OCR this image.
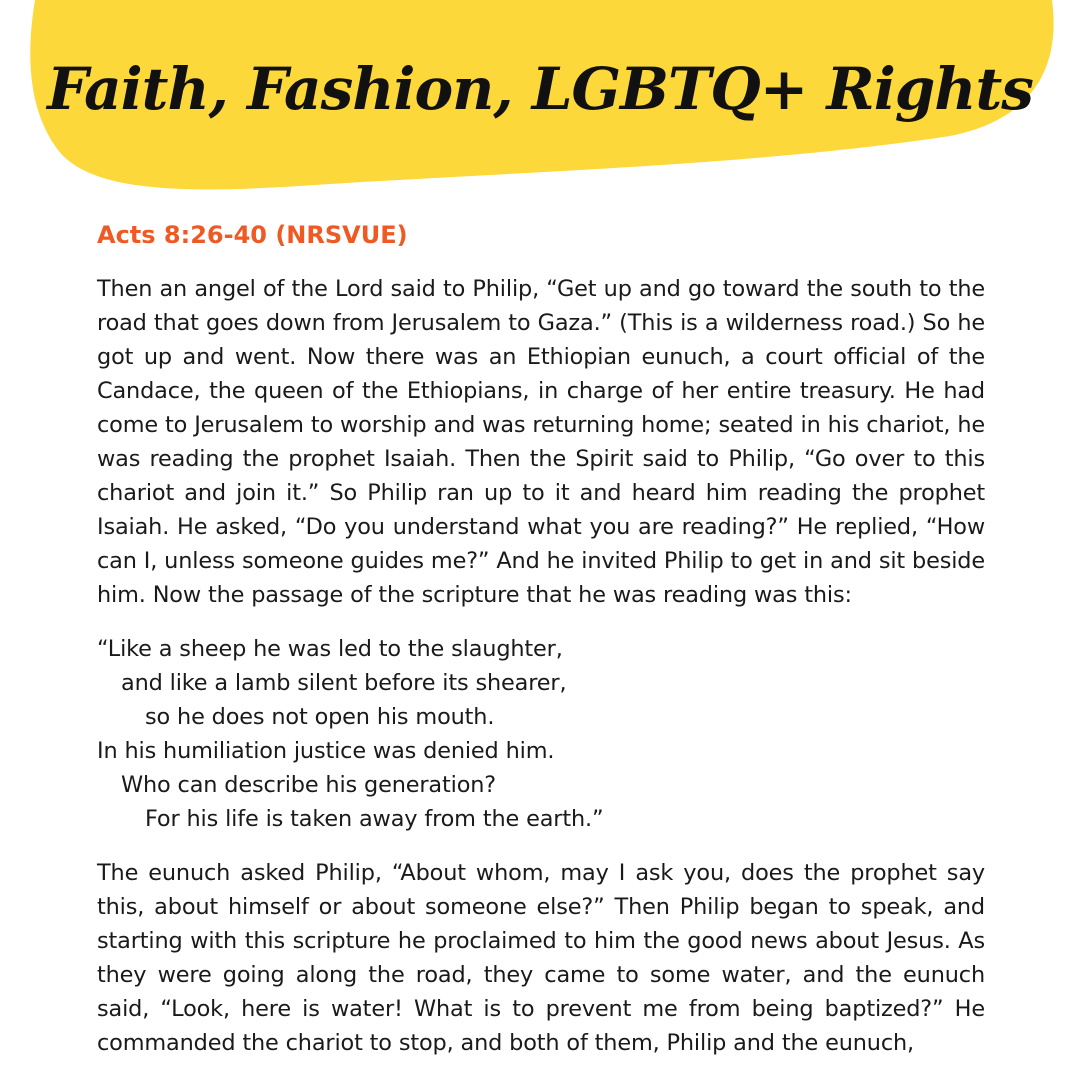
Faith, Fashion, LGBTQ+ Rights
Acts 8:26-40 (NRSVUE)

Then an angel of the Lord said to Philip, “Get up and go toward the south to the road that goes down from Jerusalem to Gaza.” (This is a wilderness road.) So he got up and went. Now there was an Ethiopian eunuch, a court official of the Candace, the queen of the Ethiopians, in charge of her entire treasury. He had come to Jerusalem to worship and was returning home; seated in his chariot, he was reading the prophet Isaiah. Then the Spirit said to Philip, “Go over to this chariot and join it.” So Philip ran up to it and heard him reading the prophet Isaiah. He asked, “Do you understand what you are reading?” He replied, “How can I, unless someone guides me?” And he invited Philip to get in and sit beside him. Now the passage of the scripture that he was reading was this:

“Like a sheep he was led to the slaughter,
and like a lamb silent before its shearer,
so he does not open his mouth.
In his humiliation justice was denied him.
Who can describe his generation?
For his life is taken away from the earth.”

The eunuch asked Philip, “About whom, may I ask you, does the prophet say this, about himself or about someone else?” Then Philip began to speak, and starting with this scripture he proclaimed to him the good news about Jesus. As they were going along the road, they came to some water, and the eunuch said, “Look, here is water! What is to prevent me from being baptized?” He commanded the chariot to stop, and both of them, Philip and the eunuch,
